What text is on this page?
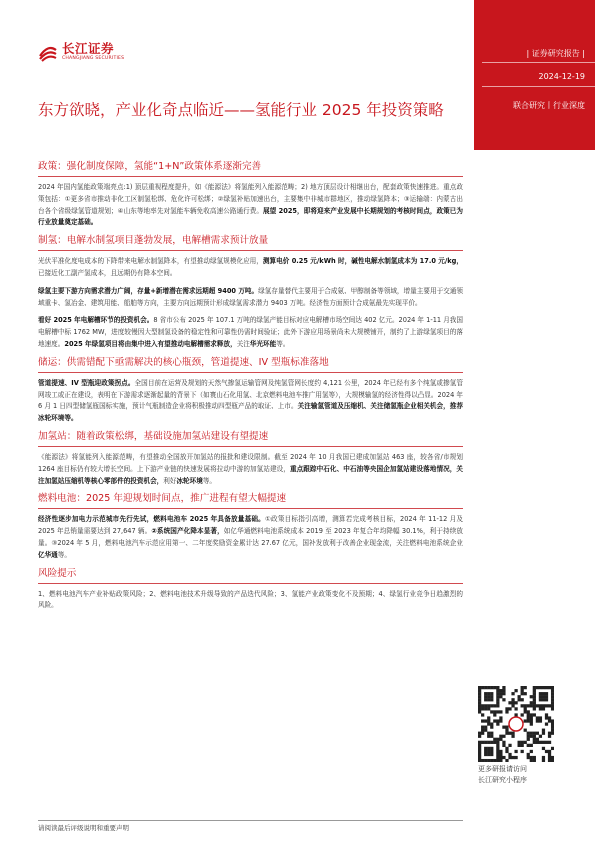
长江证券
CHANGJIANG SECURITIES
| 证券研究报告 |
2024-12-19
联合研究丨行业深度
东方欲晓，产业化奇点临近——氢能行业 2025 年投资策略
政策：强化制度保障，氢能“1+N”政策体系逐渐完善

2024 年国内氢能政策端亮点:1) 顶层重视程度提升，如《能源法》将氢能列入能源范畴；2) 地方顶层设计相继出台，配套政策快速推进。重点政策包括：①更多省市推动非化工区制氢松绑、危化许可松绑；②绿氢补贴加速出台，主要集中非城市群地区，推动绿氢降本；③运输端：内蒙古出台各个省级绿氢管道规划；④山东等地率先对氢能车辆免收高速公路通行费。展望 2025，即将迎来产业发展中长期规划的考核时间点，政策已为行业放量奠定基础。

制氢：电解水制氢项目蓬勃发展，电解槽需求预计放量

光伏平准化度电成本的下降带来电解水制氢降本，有望推动绿氢规模化应用，测算电价 0.25 元/kWh 时，碱性电解水制氢成本为 17.0 元/kg，已接近化工副产氢成本，且远期仍有降本空间。

绿氢主要下游方向需求潜力广阔，存量+新增潜在需求远期超 9400 万吨。绿氢存量替代主要用于合成氨、甲醇制备等领域，增量主要用于交通领域重卡、氢冶金、建筑用能、船舶等方向，主要方向远期预计形成绿氢需求潜力 9403 万吨。经济性方面预计合成氨最先实现平价。

看好 2025 年电解槽环节的投资机会。8 省市公布 2025 年 107.1 万吨的绿氢产能目标对应电解槽市场空间达 402 亿元。2024 年 1-11 月我国电解槽中标 1762 MW，进度较慢因大型制氢设备的稳定性和可靠性仍需时间验证；此外下游应用场景尚未大规模铺开，制约了上游绿氢项目的落地速度。2025 年绿氢项目将由集中进入有望推动电解槽需求释放，关注华光环能等。

储运：供需错配下亟需解决的核心瓶颈，管道提速、IV 型瓶标准落地

管道提速、IV 型瓶迎政策拐点。全国目前在运营及规划的天然气掺氢运输管网及纯氢管网长度约 4,121 公里，2024 年已经有多个纯氢或掺氢管网竣工或正在建设，表明在下游需求逐渐起量的背景下（如寰山石化用氢、北京燃料电池车推广用氢等），大规模输氢的经济性得以凸显。2024 年 6 月 1 日四型储氢瓶国标实施，预计气瓶制造企业将积极推动四型瓶产品的取证、上市。关注输氢管道及压缩机、关注储氢瓶企业相关机会，推荐冰轮环境等。

加氢站：随着政策松绑，基础设施加氢站建设有望提速

《能源法》将氢能列入能源范畴，有望推动全国放开加氢站的报批和建设限制。截至 2024 年 10 月我国已建成加氢站 463 座，较各省/市规划 1264 座目标仍有较大增长空间。上下游产业链的快速发展将拉动中游的加氢站建设，重点跟踪中石化、中石油等央国企加氢站建设落地情况，关注加氢站压缩机等核心零部件的投资机会，利好冰轮环境等。

燃料电池：2025 年迎规划时间点，推广进程有望大幅提速

经济性逐步加电力示范城市先行先试，燃料电池车 2025 年具备放量基础。①政策目标指引高增，测算若完成考核目标，2024 年 11-12 月及 2025 年总销量需要达到 27,647 辆。②系统国产化降本显著，如亿华通燃料电池系统成本 2019 至 2023 年复合年均降幅 30.1%，利于持续放量。③2024 年 5 月，燃料电池汽车示范应用第一、二年度奖励资金累计达 27.67 亿元，国补发放利于改善企业现金流，关注燃料电池系统企业亿华通等。

风险提示

1、燃料电池汽车产业补贴政策风险；2、燃料电池技术升级导致的产品迭代风险；3、氢能产业政策变化不及预期；4、绿氢行业竞争日趋激烈的风险。

更多研报请访问
长江研究小程序
请阅读最后评级说明和重要声明
